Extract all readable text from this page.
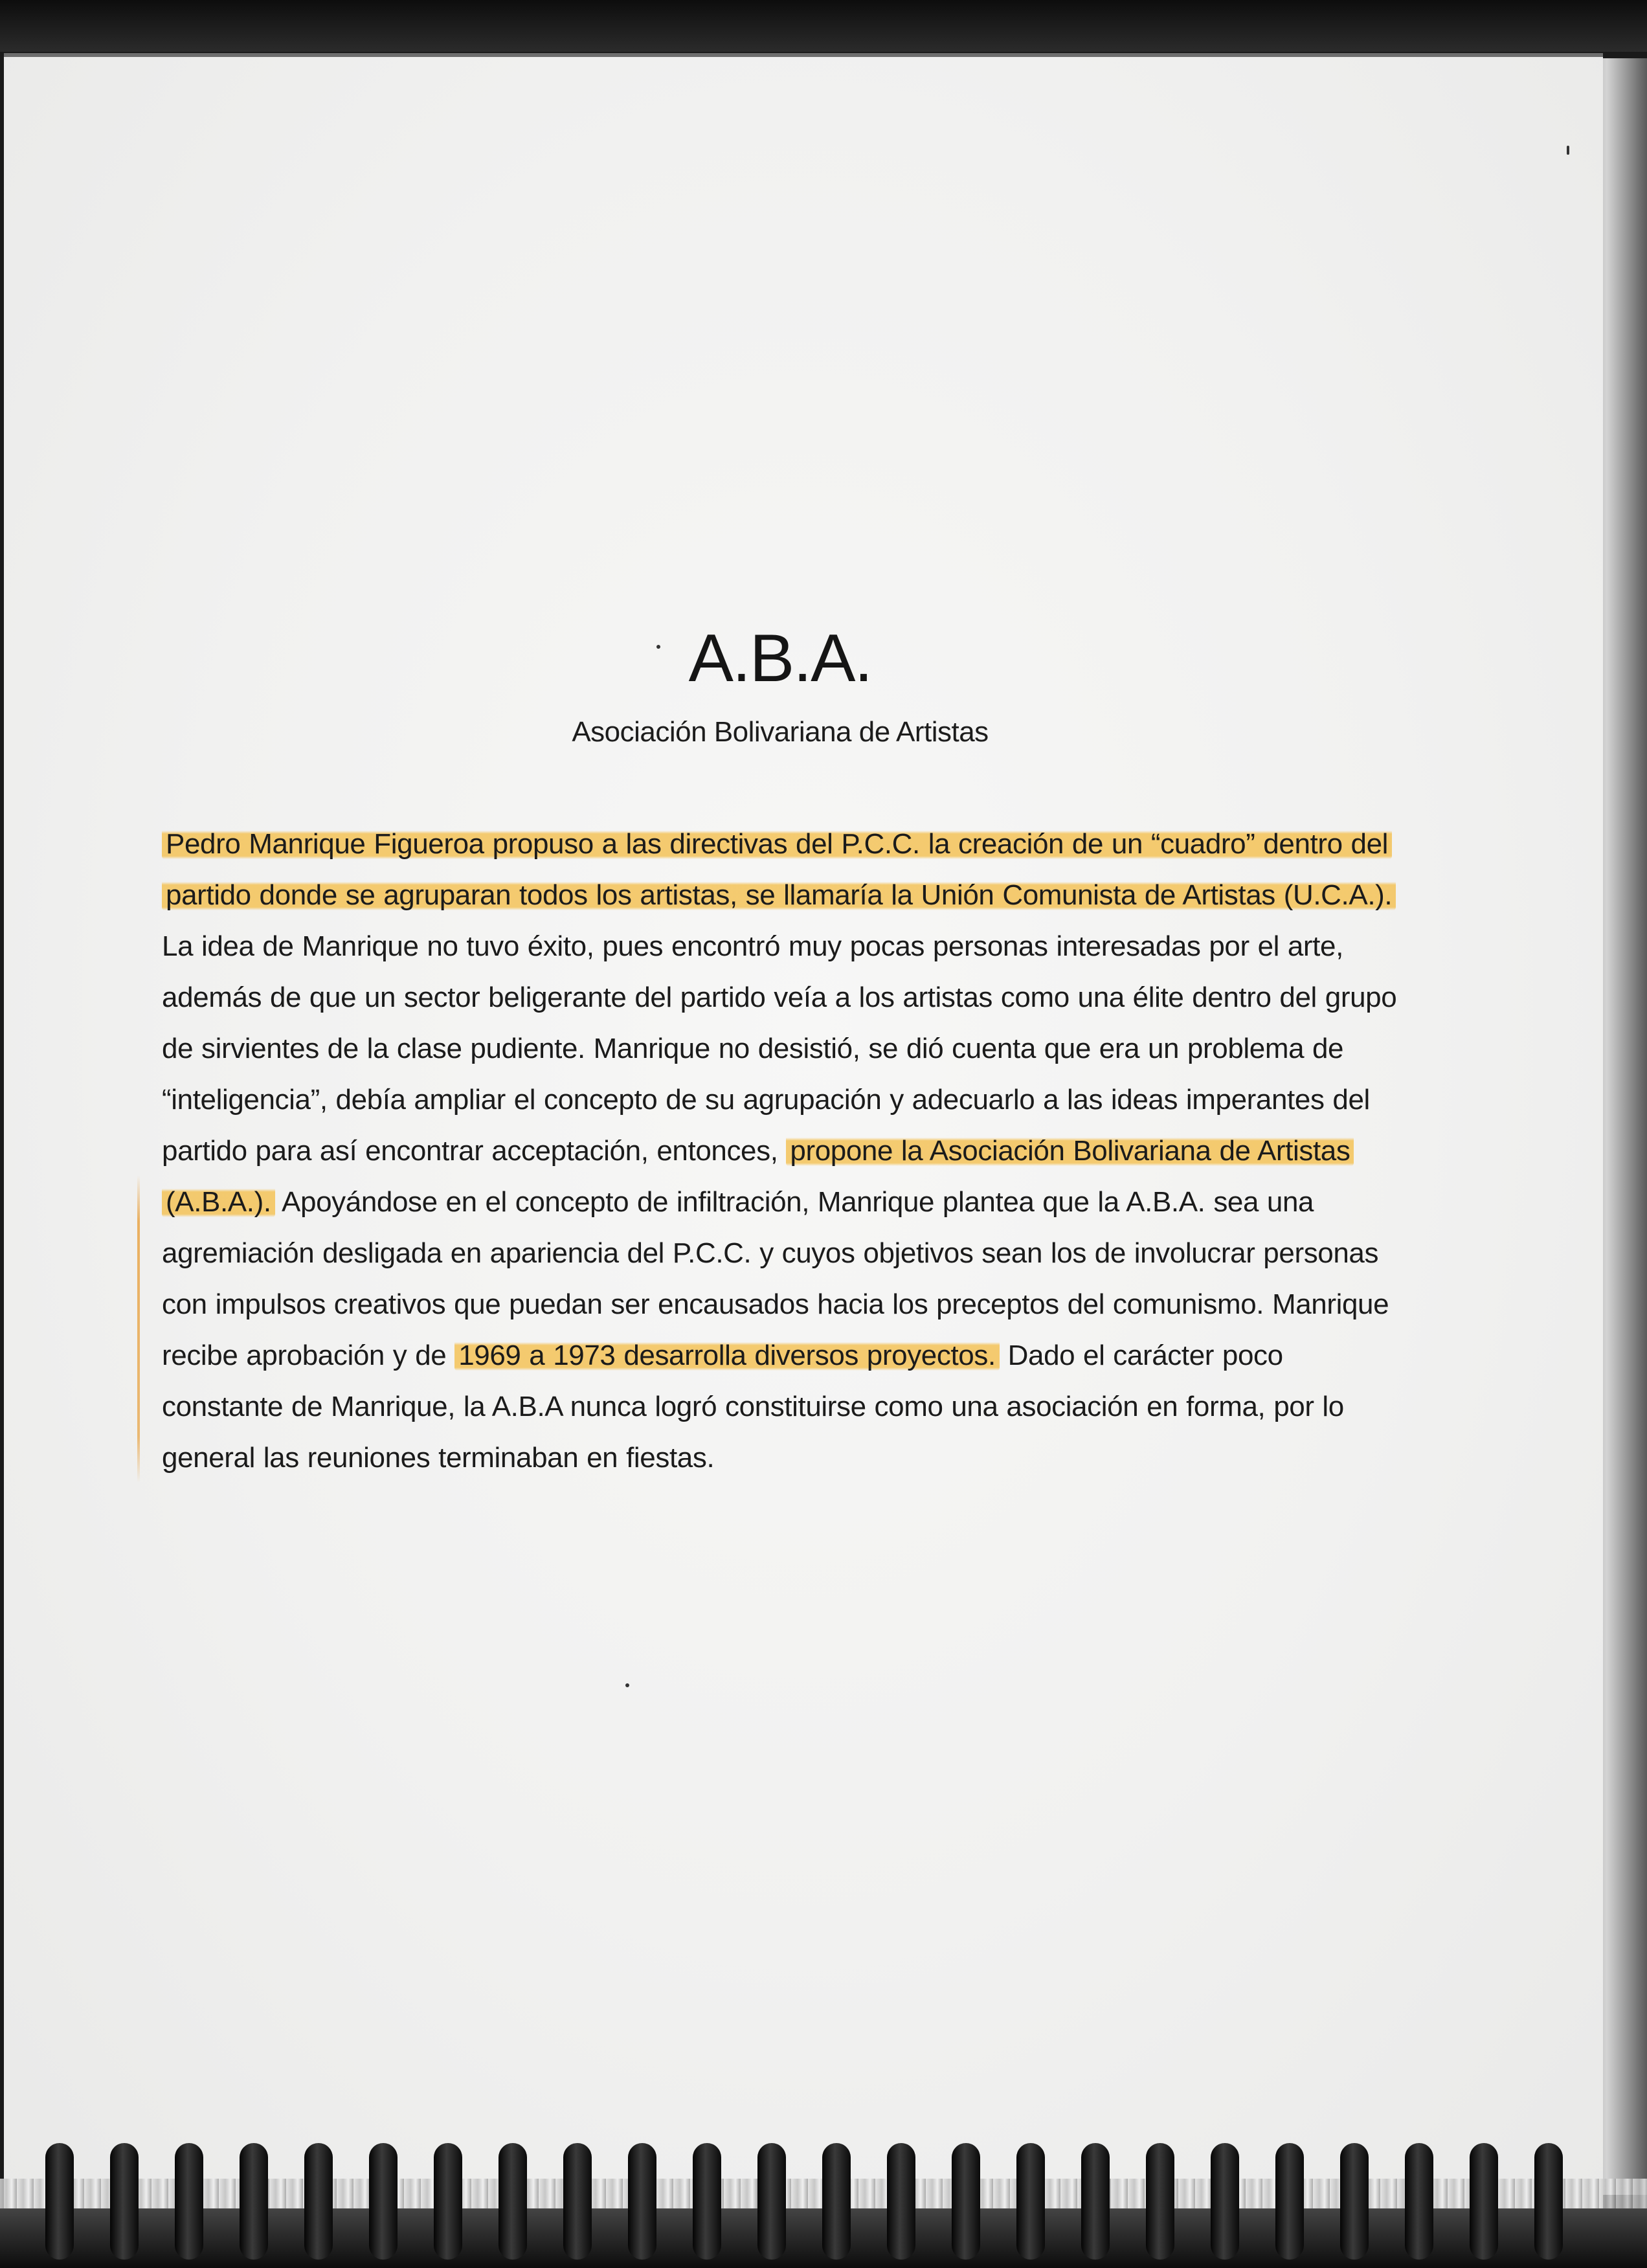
A.B.A.
Asociación Bolivariana de Artistas

Pedro Manrique Figueroa propuso a las directivas del P.C.C. la creación de un “cuadro” dentro del partido donde se agruparan todos los artistas, se llamaría la Unión Comunista de Artistas (U.C.A.). La idea de Manrique no tuvo éxito, pues encontró muy pocas personas interesadas por el arte, además de que un sector beligerante del partido veía a los artistas como una élite dentro del grupo de sirvientes de la clase pudiente. Manrique no desistió, se dió cuenta que era un problema de “inteligencia”, debía ampliar el concepto de su agrupación y adecuarlo a las ideas imperantes del partido para así encontrar acceptación, entonces, propone la Asociación Bolivariana de Artistas (A.B.A.). Apoyándose en el concepto de infiltración, Manrique plantea que la A.B.A. sea una agremiación desligada en apariencia del P.C.C. y cuyos objetivos sean los de involucrar personas con impulsos creativos que puedan ser encausados hacia los preceptos del comunismo. Manrique recibe aprobación y de 1969 a 1973 desarrolla diversos proyectos. Dado el carácter poco constante de Manrique, la A.B.A nunca logró constituirse como una asociación en forma, por lo general las reuniones terminaban en fiestas.
